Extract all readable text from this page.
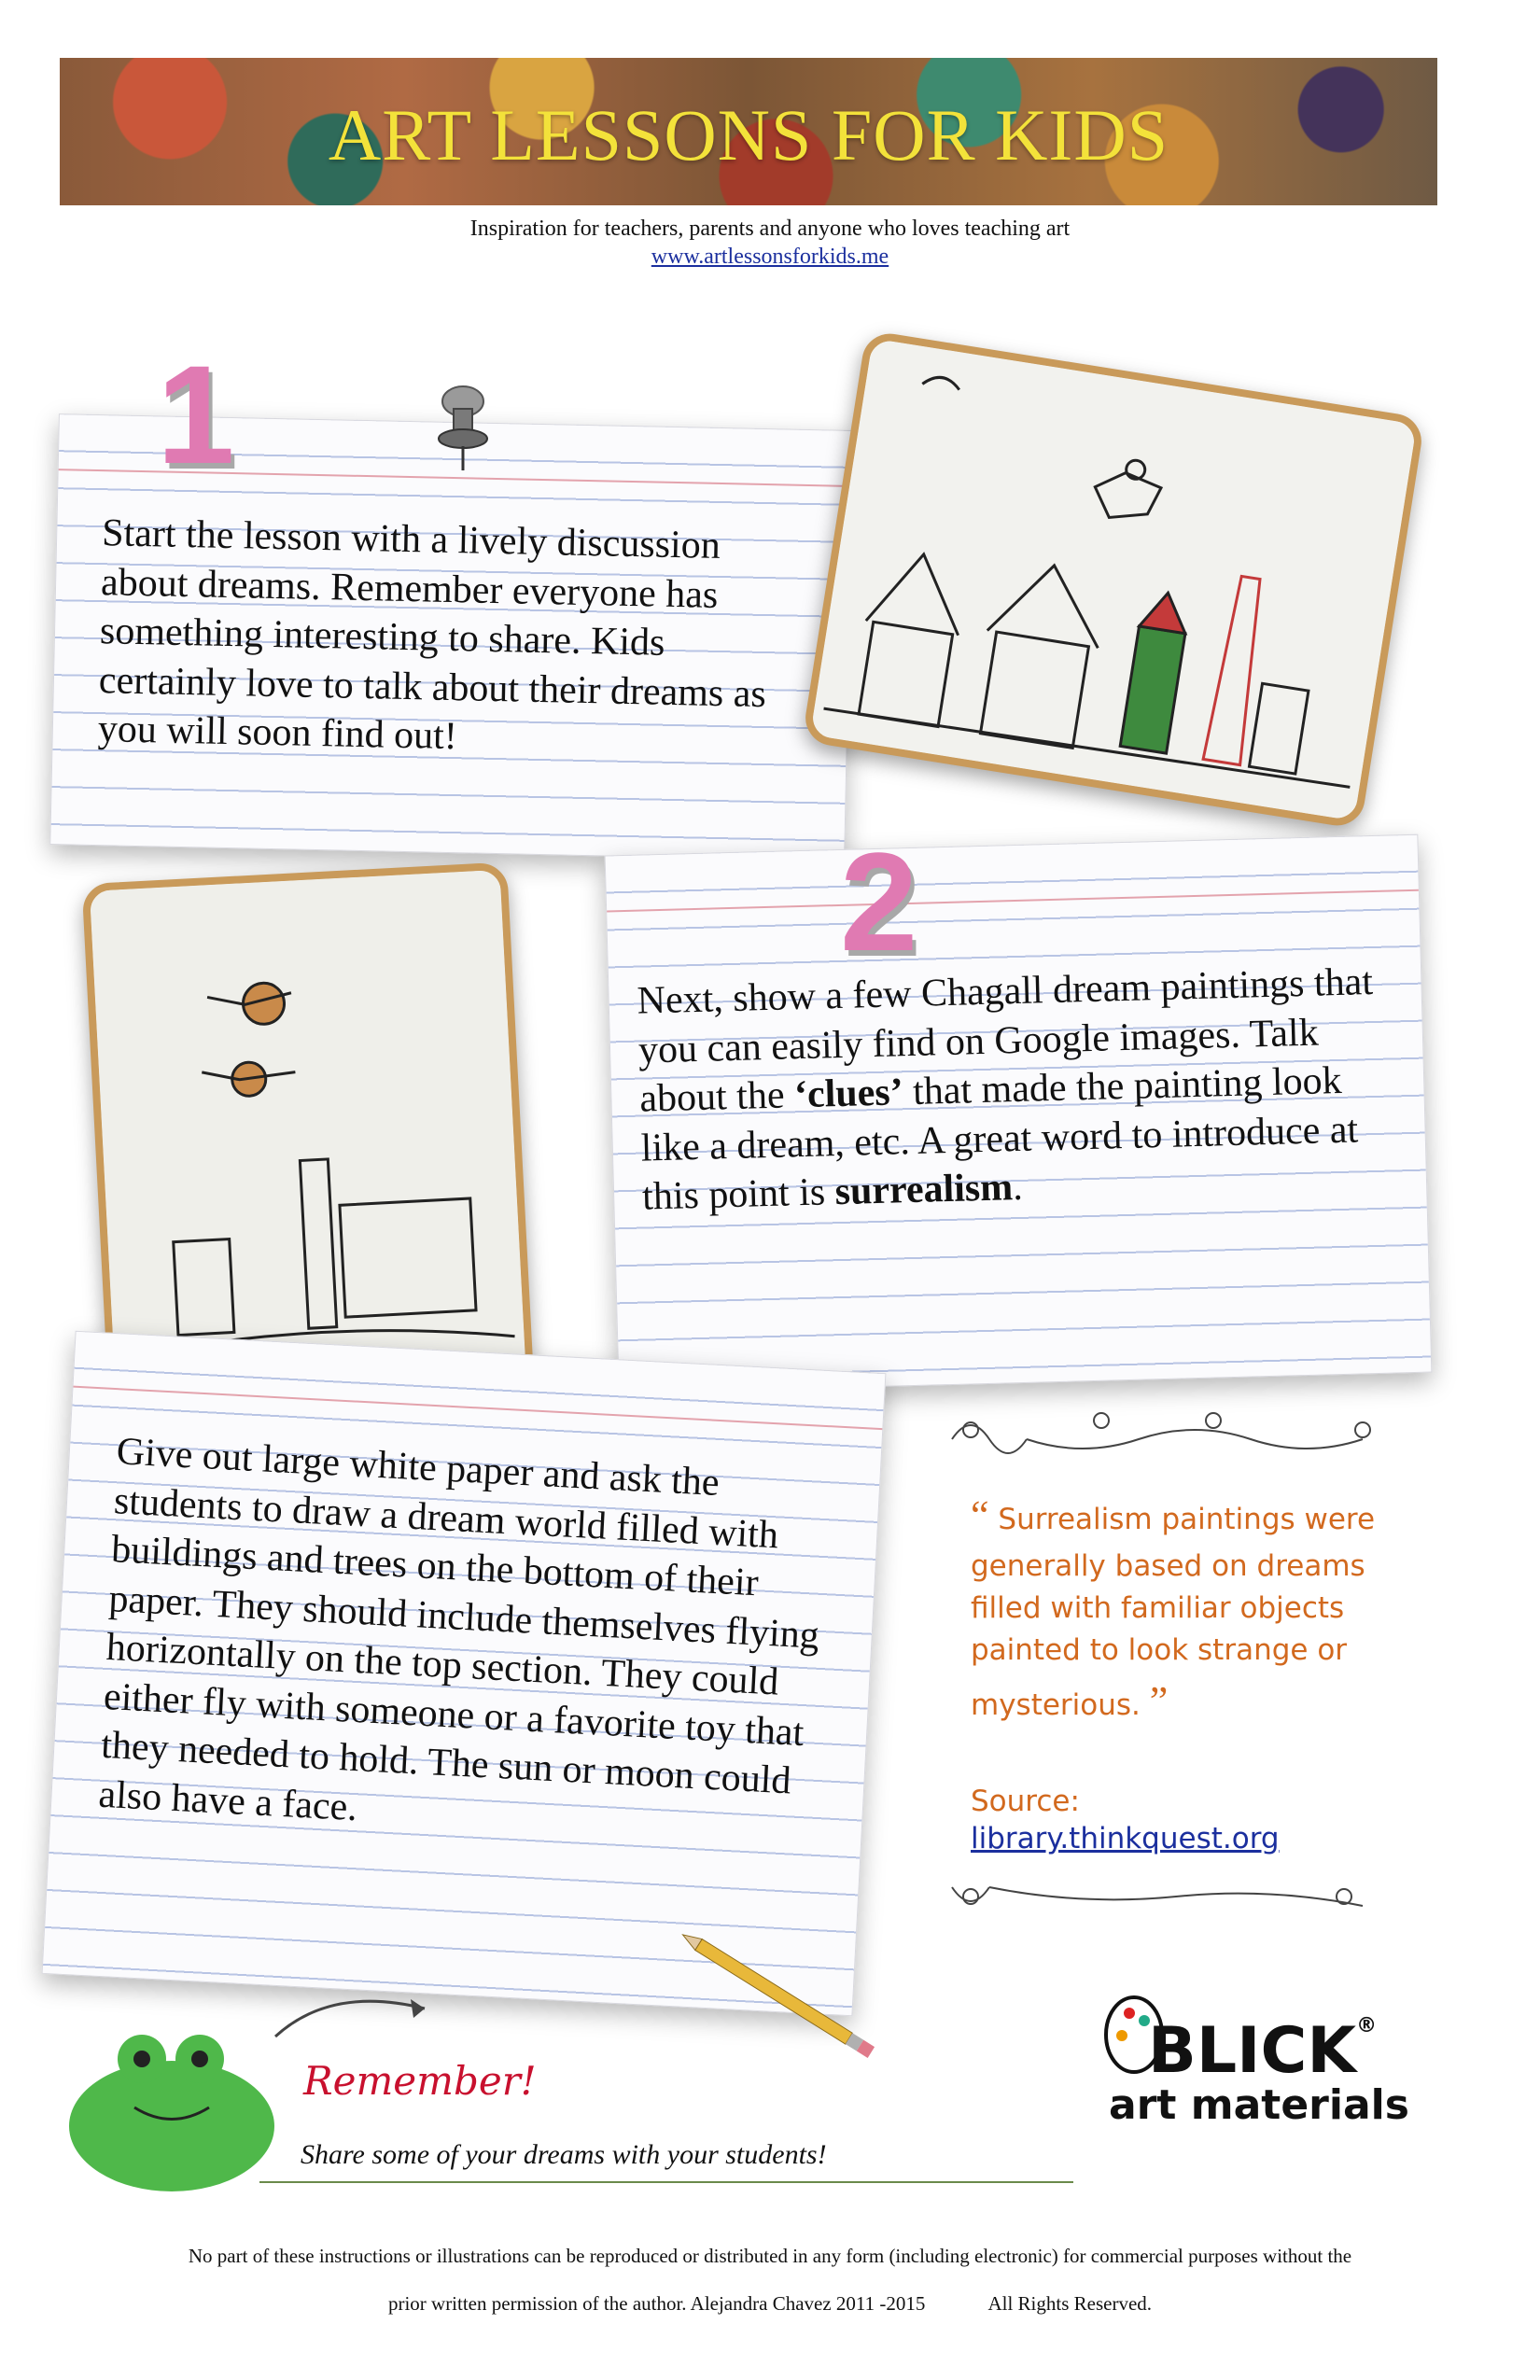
ART LESSONS FOR KIDS
Inspiration for teachers, parents and anyone who loves teaching art
www.artlessonsforkids.me
Start the lesson with a lively discussion about dreams. Remember everyone has something interesting to share. Kids certainly love to talk about their dreams as you will soon find out!
1
Next, show a few Chagall dream paintings that you can easily find on Google images. Talk about the ‘clues’ that made the painting look like a dream, etc. A great word to introduce at this point is surrealism.
2
Give out large white paper and ask the students to draw a dream world filled with buildings and trees on the bottom of their paper. They should include themselves flying horizontally on the top section. They could either fly with someone or a favorite toy that they needed to hold. The sun or moon could also have a face.
“ Surrealism paintings were generally based on dreams filled with familiar objects painted to look strange or mysterious. ”
Source:
library.thinkquest.org
Remember!
Share some of your dreams with your students!
BLICK®
art materials
No part of these instructions or illustrations can be reproduced or distributed in any form (including electronic) for commercial purposes without the
prior written permission of the author. Alejandra Chavez 2011 -2015             All Rights Reserved.
